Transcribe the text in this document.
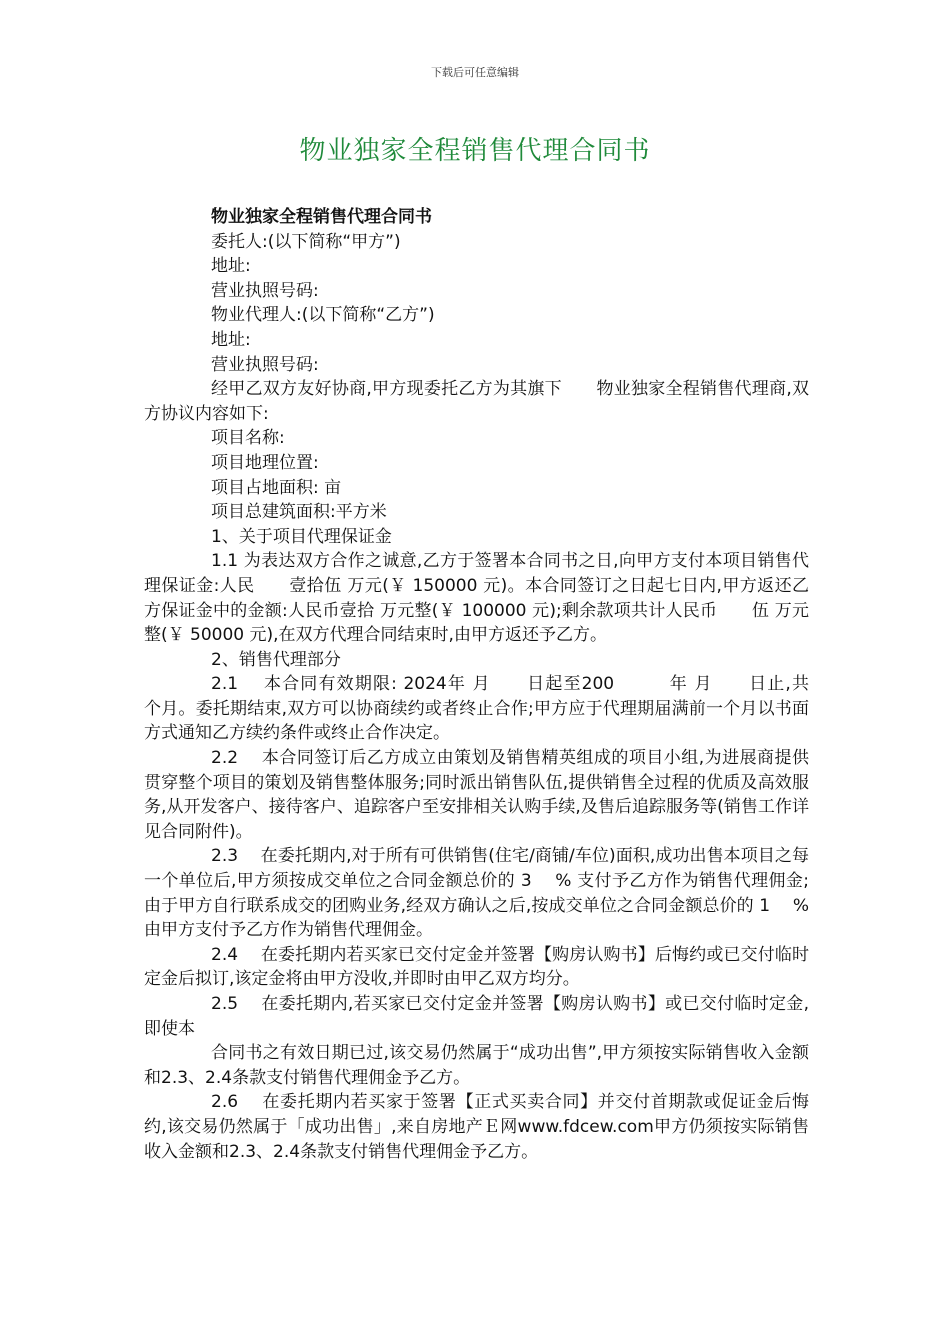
下载后可任意编辑
物业独家全程销售代理合同书

物业独家全程销售代理合同书

委托人:(以下简称“甲方”)

地址:

营业执照号码:

物业代理人:(以下简称“乙方”)

地址:

营业执照号码:

经甲乙双方友好协商,甲方现委托乙方为其旗下　　物业独家全程销售代理商,双方协议内容如下:

项目名称:

项目地理位置:

项目占地面积: 亩

项目总建筑面积:平方米

1、关于项目代理保证金

1.1 为表达双方合作之诚意,乙方于签署本合同书之日,向甲方支付本项目销售代理保证金:人民　　壹拾伍 万元(￥ 150000 元)。本合同签订之日起七日内,甲方返还乙方保证金中的金额:人民币壹拾 万元整(￥ 100000 元);剩余款项共计人民币　　伍 万元整(￥ 50000 元),在双方代理合同结束时,由甲方返还予乙方。

2、销售代理部分

2.1　 本合同有效期限: 2024年 月　　日起至200　　　年 月　　日止,共　　个月。委托期结束,双方可以协商续约或者终止合作;甲方应于代理期届满前一个月以书面方式通知乙方续约条件或终止合作决定。

2.2　 本合同签订后乙方成立由策划及销售精英组成的项目小组,为进展商提供贯穿整个项目的策划及销售整体服务;同时派出销售队伍,提供销售全过程的优质及高效服务,从开发客户、接待客户、追踪客户至安排相关认购手续,及售后追踪服务等(销售工作详见合同附件)。

2.3　 在委托期内,对于所有可供销售(住宅/商铺/车位)面积,成功出售本项目之每一个单位后,甲方须按成交单位之合同金额总价的 3　 % 支付予乙方作为销售代理佣金;由于甲方自行联系成交的团购业务,经双方确认之后,按成交单位之合同金额总价的 1　 % 由甲方支付予乙方作为销售代理佣金。

2.4　 在委托期内若买家已交付定金并签署【购房认购书】后悔约或已交付临时定金后拟订,该定金将由甲方没收,并即时由甲乙双方均分。

2.5　 在委托期内,若买家已交付定金并签署【购房认购书】或已交付临时定金,即使本

合同书之有效日期已过,该交易仍然属于“成功出售”,甲方须按实际销售收入金额和2.3、2.4条款支付销售代理佣金予乙方。

2.6　 在委托期内若买家于签署【正式买卖合同】并交付首期款或促证金后悔约,该交易仍然属于「成功出售」,来自房地产Ｅ网www.fdcew.com甲方仍须按实际销售收入金额和2.3、2.4条款支付销售代理佣金予乙方。
